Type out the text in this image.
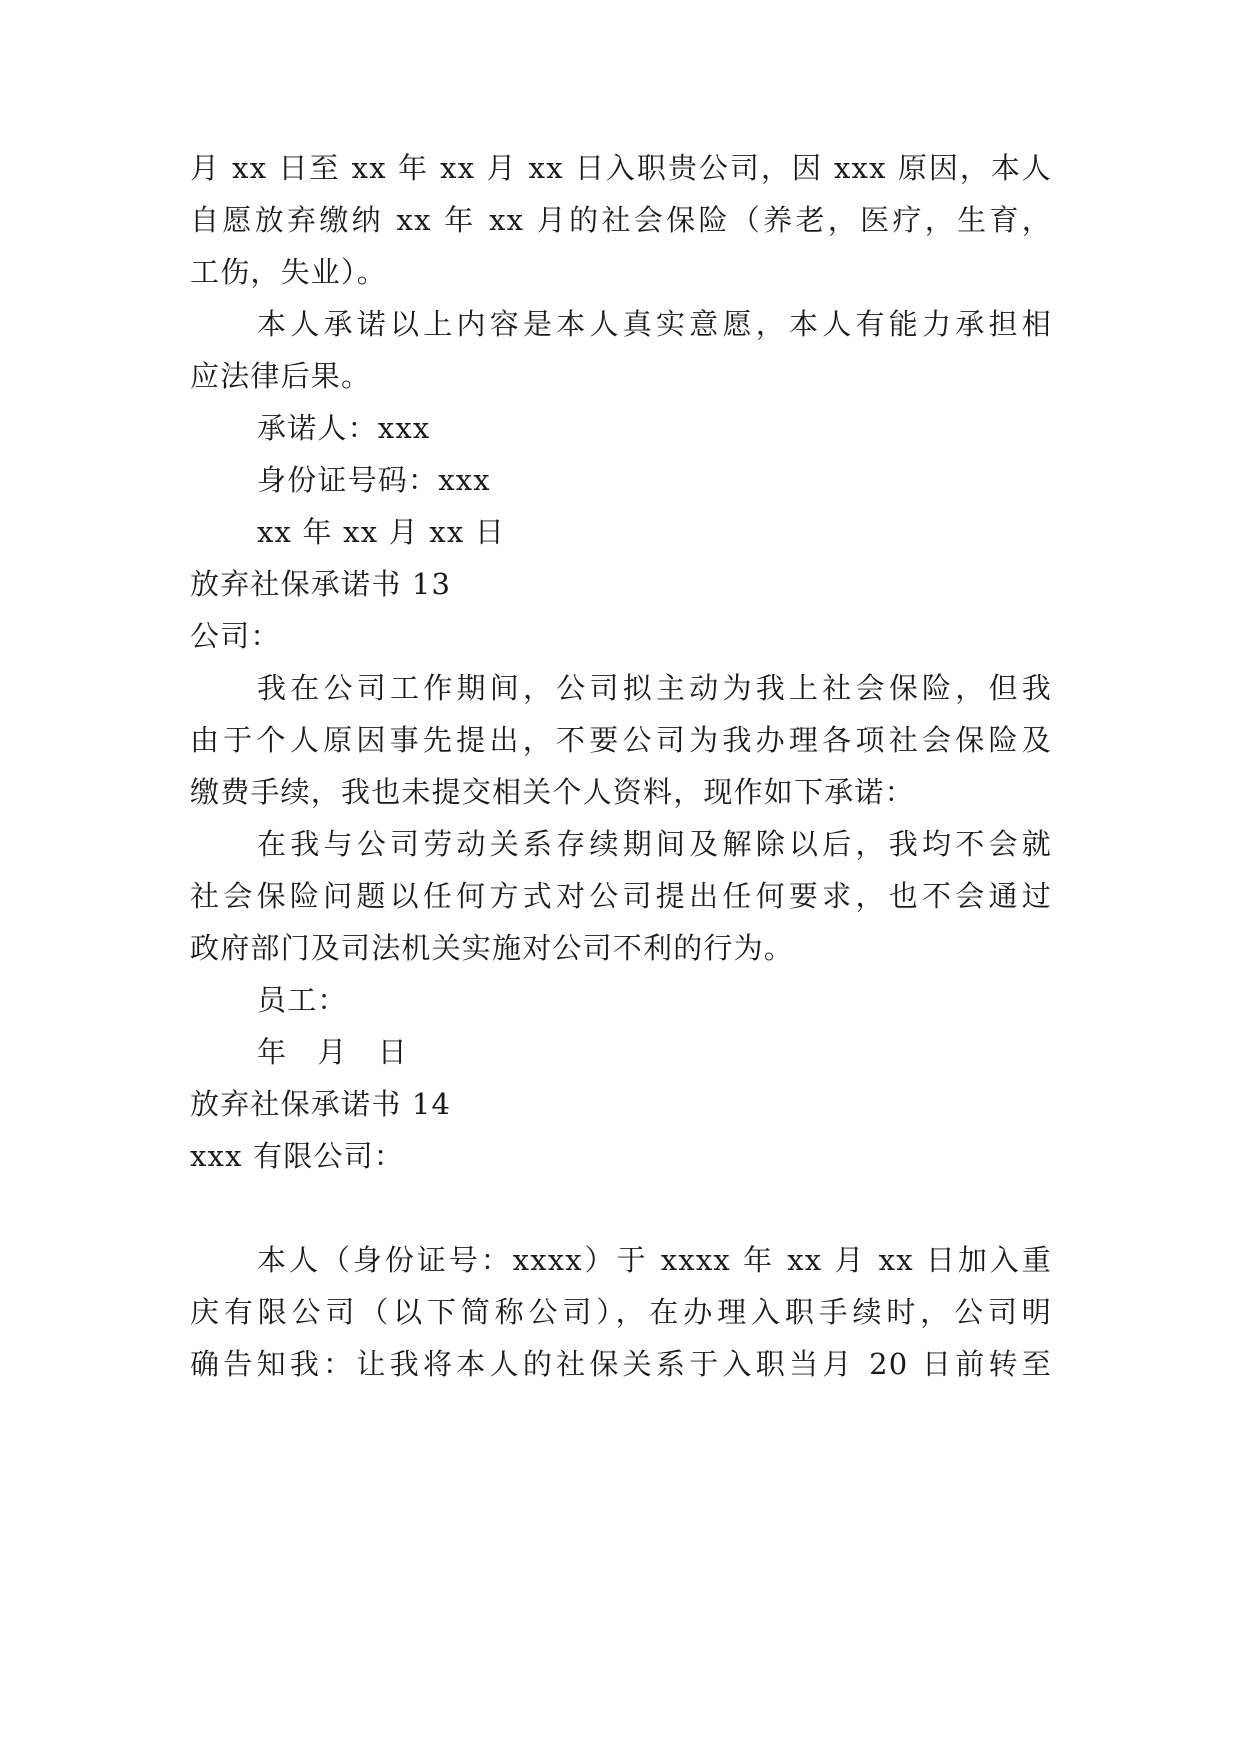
月 xx 日至 xx 年 xx 月 xx 日入职贵公司，因 xxx 原因，本人
自愿放弃缴纳 xx 年 xx 月的社会保险（养老，医疗，生育，
工伤，失业）。
本人承诺以上内容是本人真实意愿，本人有能力承担相
应法律后果。
承诺人：xxx
身份证号码：xxx
xx 年 xx 月 xx 日
放弃社保承诺书 13
公司：
我在公司工作期间，公司拟主动为我上社会保险，但我
由于个人原因事先提出，不要公司为我办理各项社会保险及
缴费手续，我也未提交相关个人资料，现作如下承诺：
在我与公司劳动关系存续期间及解除以后，我均不会就
社会保险问题以任何方式对公司提出任何要求，也不会通过
政府部门及司法机关实施对公司不利的行为。
员工：
年　月　日
放弃社保承诺书 14
xxx 有限公司：
本人（身份证号：xxxx）于 xxxx 年 xx 月 xx 日加入重
庆有限公司（以下简称公司），在办理入职手续时，公司明
确告知我：让我将本人的社保关系于入职当月 20 日前转至
